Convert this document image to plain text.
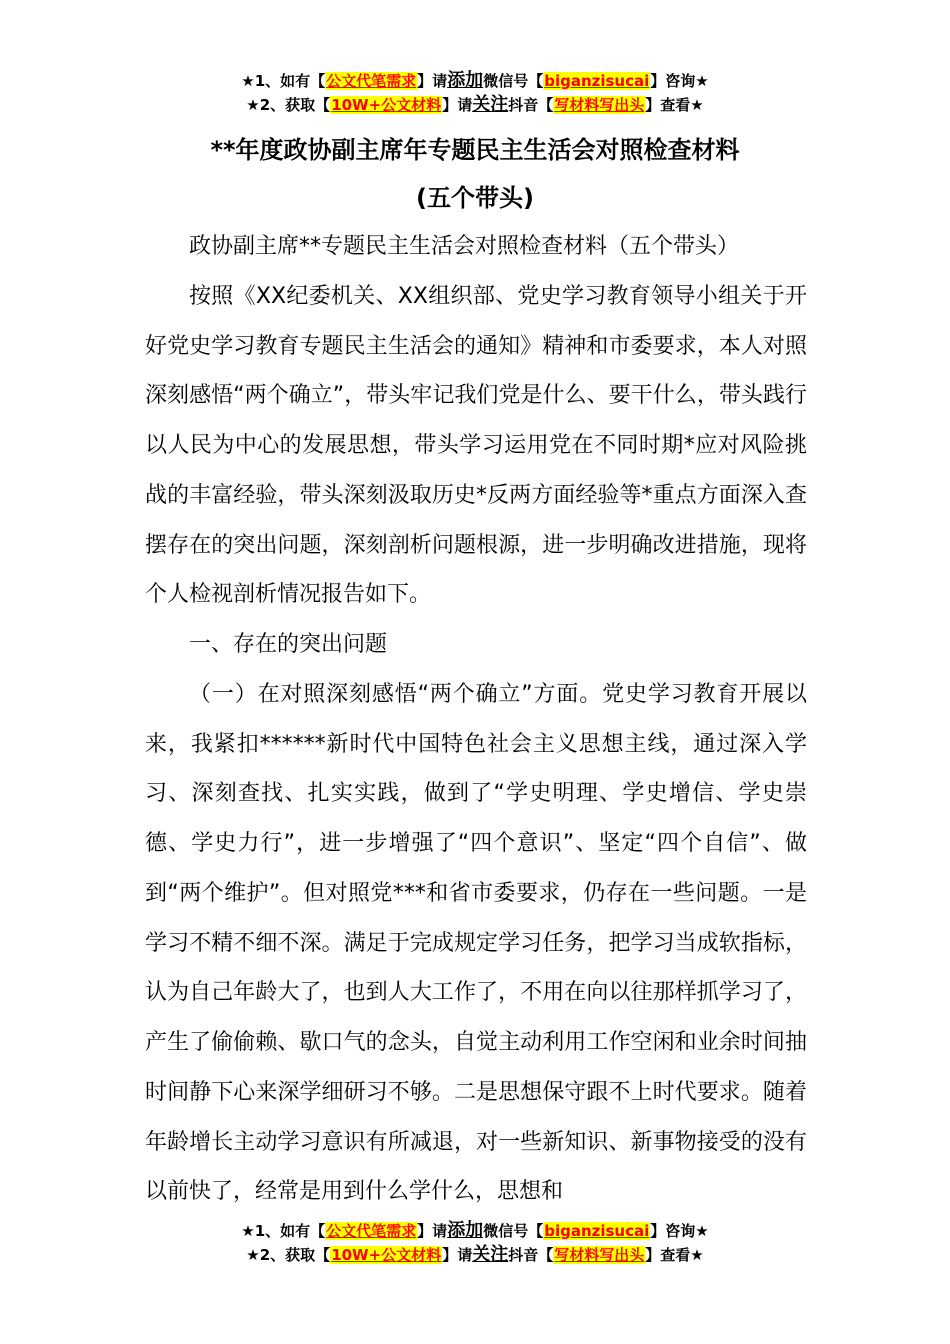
★1、如有【公文代笔需求】请添加微信号【biganzisucai】咨询★
★2、获取【10W+公文材料】请关注抖音【写材料写出头】查看★
**年度政协副主席年专题民主生活会对照检查材料
(五个带头)

政协副主席**专题民主生活会对照检查材料（五个带头）

按照《XX纪委机关、XX组织部、党史学习教育领导小组关于开好党史学习教育专题民主生活会的通知》精神和市委要求，本人对照深刻感悟“两个确立”，带头牢记我们党是什么、要干什么，带头践行以人民为中心的发展思想，带头学习运用党在不同时期*应对风险挑战的丰富经验，带头深刻汲取历史*反两方面经验等*重点方面深入查摆存在的突出问题，深刻剖析问题根源，进一步明确改进措施，现将个人检视剖析情况报告如下。

一、存在的突出问题

（一）在对照深刻感悟“两个确立”方面。党史学习教育开展以来，我紧扣******新时代中国特色社会主义思想主线，通过深入学习、深刻查找、扎实实践，做到了“学史明理、学史增信、学史崇德、学史力行”，进一步增强了“四个意识”、坚定“四个自信”、做到“两个维护”。但对照党***和省市委要求，仍存在一些问题。一是学习不精不细不深。满足于完成规定学习任务，把学习当成软指标，认为自己年龄大了，也到人大工作了，不用在向以往那样抓学习了，产生了偷偷赖、歇口气的念头，自觉主动利用工作空闲和业余时间抽时间静下心来深学细研习不够。二是思想保守跟不上时代要求。随着年龄增长主动学习意识有所减退，对一些新知识、新事物接受的没有以前快了，经常是用到什么学什么，思想和

★1、如有【公文代笔需求】请添加微信号【biganzisucai】咨询★
★2、获取【10W+公文材料】请关注抖音【写材料写出头】查看★
